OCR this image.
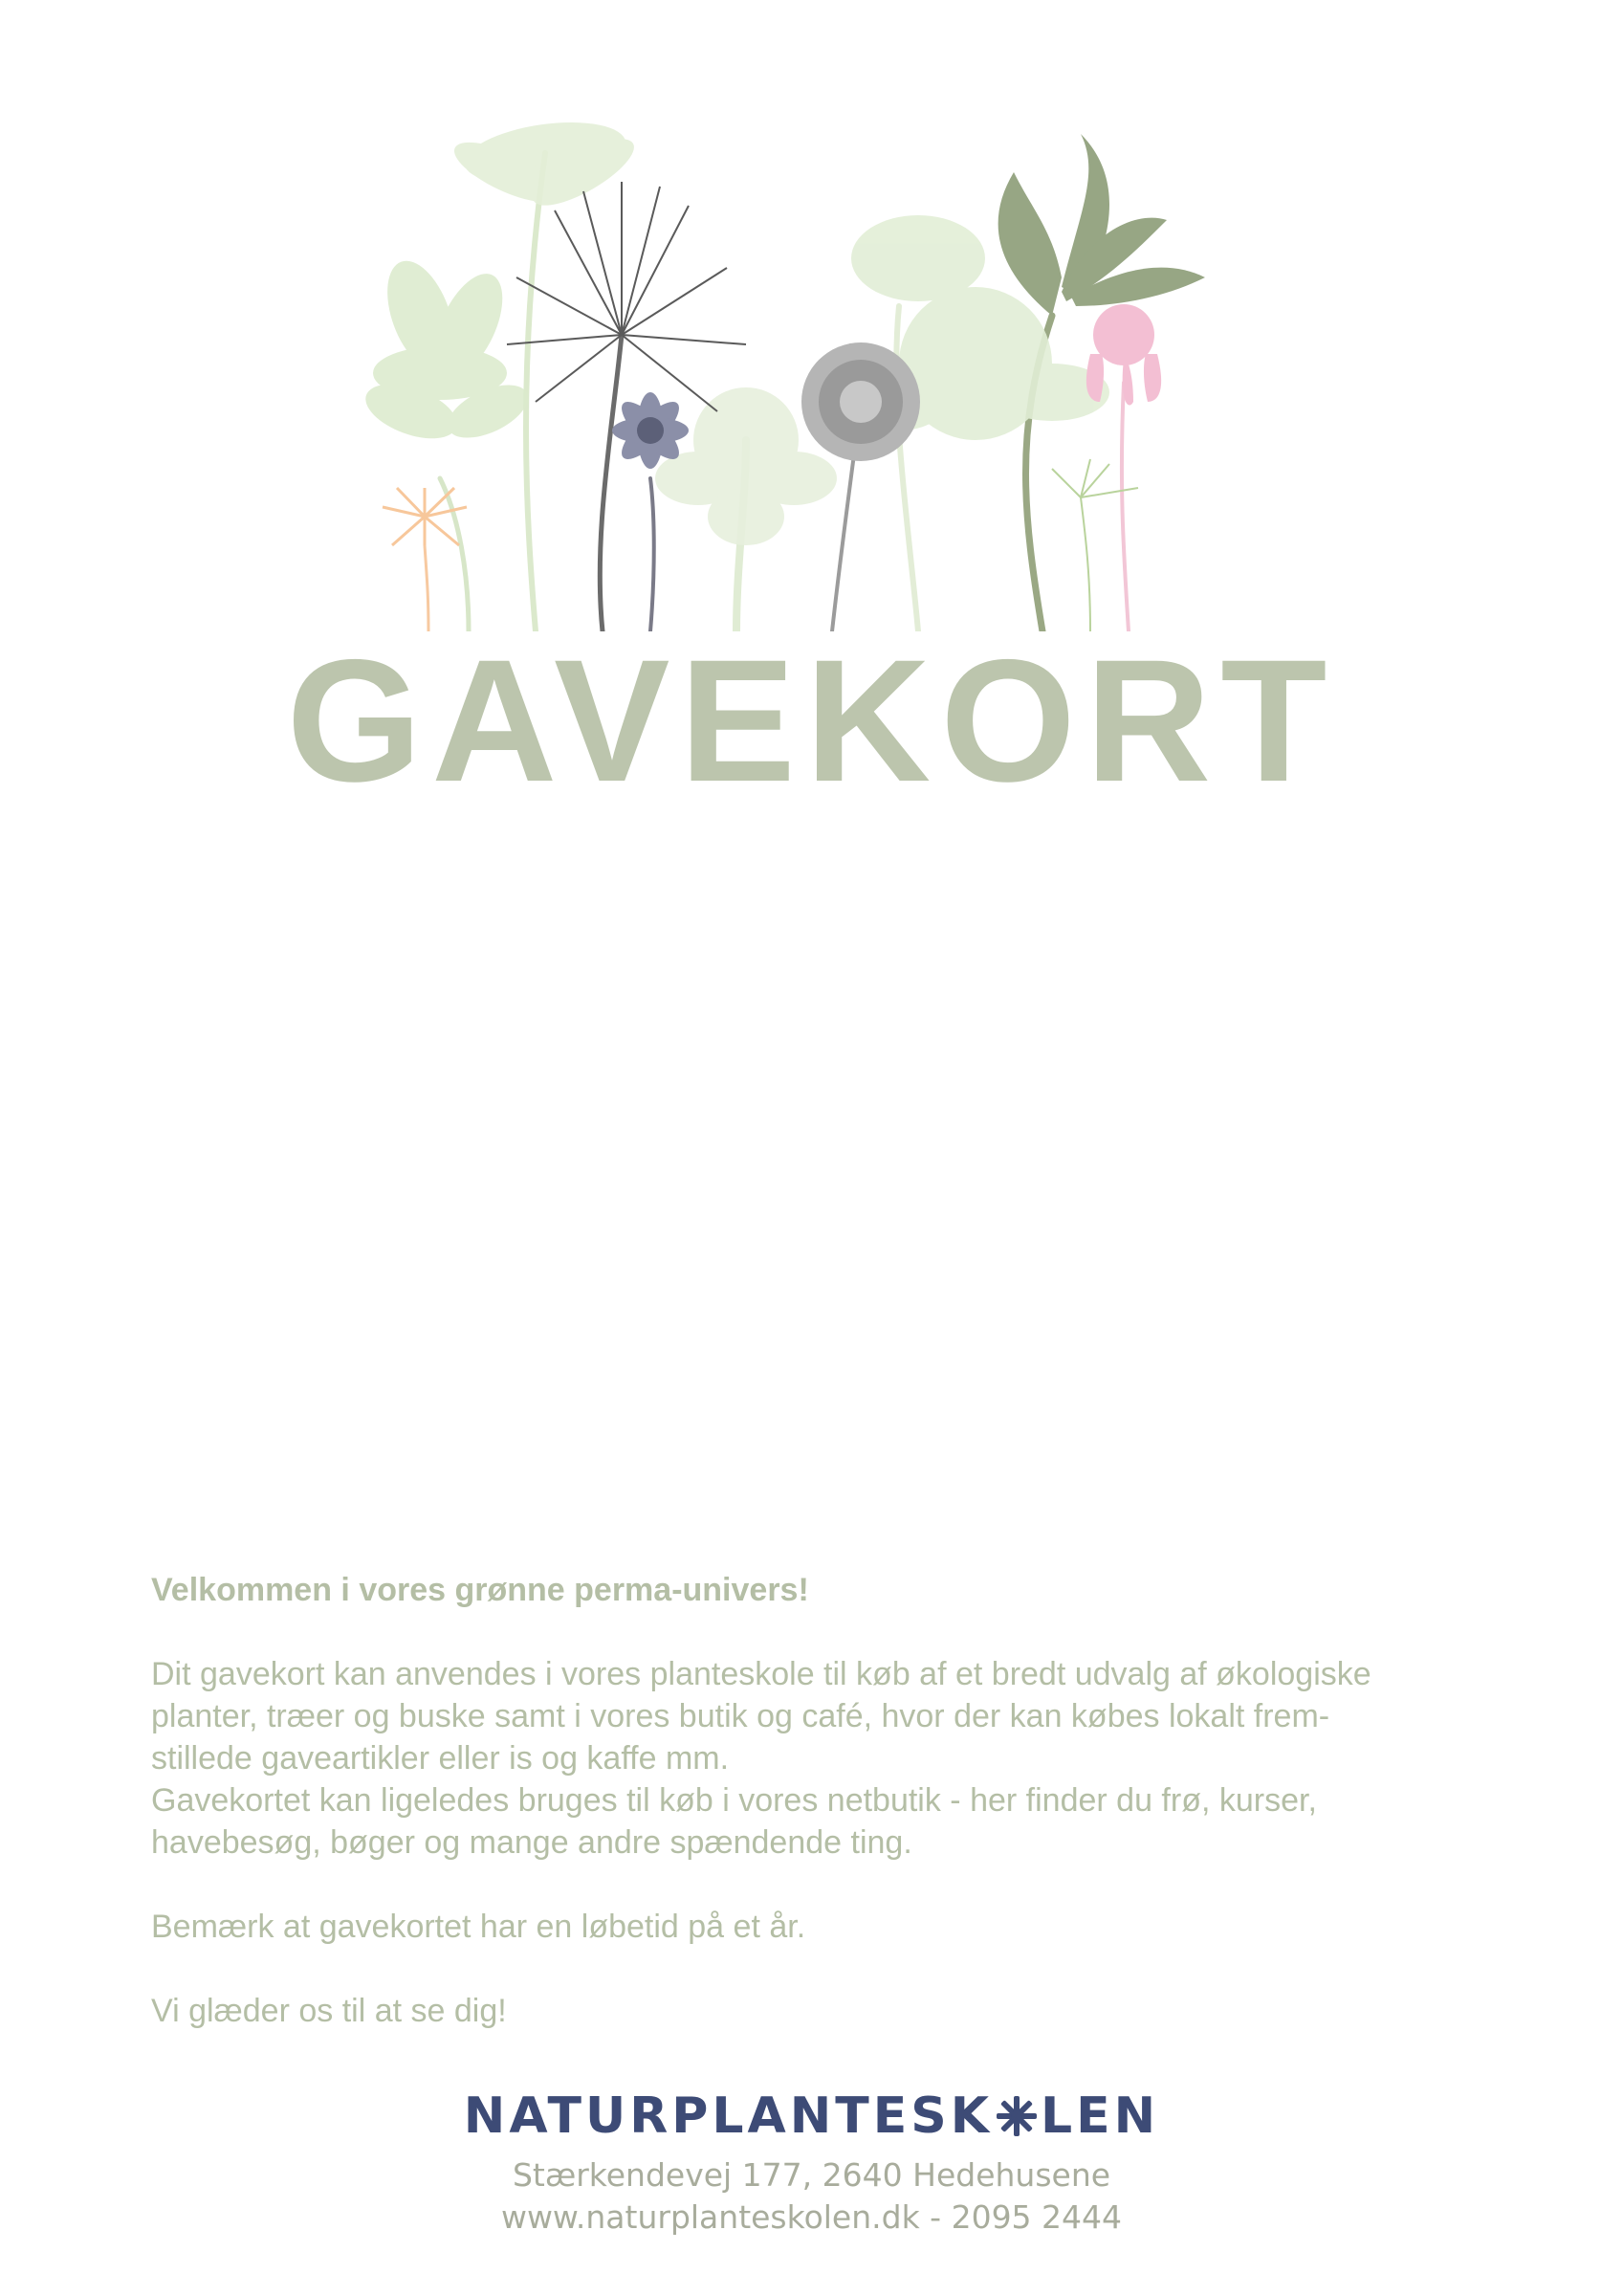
GAVEKORT

Velkommen i vores grønne perma-univers!

Dit gavekort kan anvendes i vores planteskole til køb af et bredt udvalg af økologiske

planter, træer og buske samt i vores butik og café, hvor der kan købes lokalt frem-

stillede gaveartikler eller is og kaffe mm.

Gavekortet kan ligeledes bruges til køb i vores netbutik - her finder du frø, kurser,

havebesøg, bøger og mange andre spændende ting.

Bemærk at gavekortet har en løbetid på et år.

Vi glæder os til at se dig!

NATURPLANTESK LEN
Stærkendevej 177, 2640 Hedehusene
www.naturplanteskolen.dk - 2095 2444
